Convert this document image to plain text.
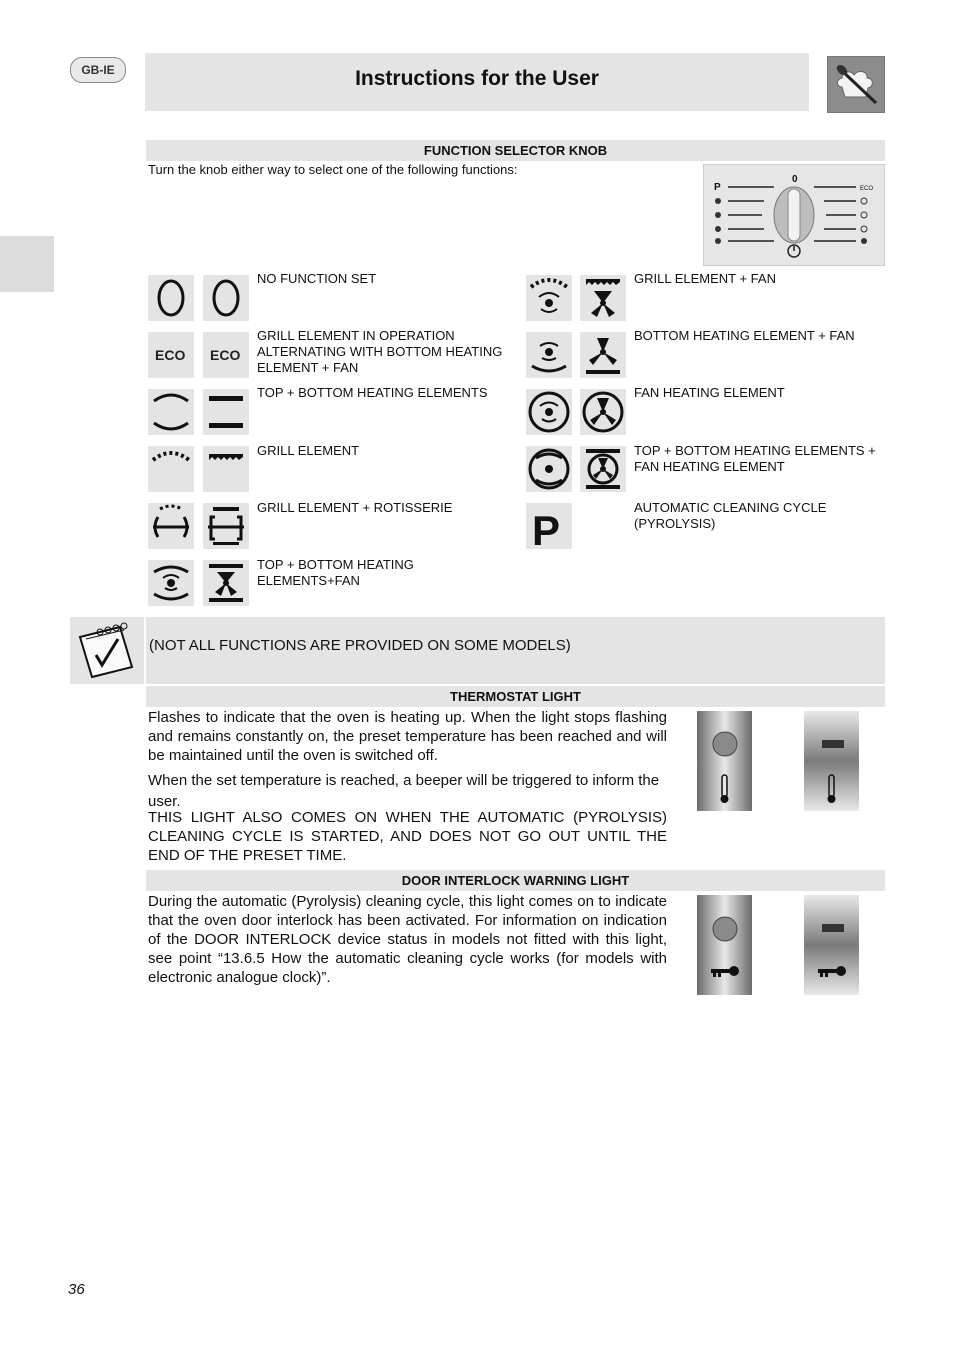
GB-IE	Instructions for the User
FUNCTION SELECTOR KNOB
Turn the knob either way to select one of the following functions:
0
P	ECO
NO FUNCTION SET
ECO ECO
GRILL ELEMENT IN OPERATION ALTERNATING WITH BOTTOM HEATING ELEMENT + FAN
TOP + BOTTOM HEATING ELEMENTS
GRILL ELEMENT
GRILL ELEMENT + ROTISSERIE
TOP + BOTTOM HEATING ELEMENTS+FAN
GRILL ELEMENT + FAN
BOTTOM HEATING ELEMENT + FAN
FAN HEATING ELEMENT
TOP + BOTTOM HEATING ELEMENTS + FAN HEATING ELEMENT
P	AUTOMATIC CLEANING CYCLE (PYROLYSIS)
(NOT ALL FUNCTIONS ARE PROVIDED ON SOME MODELS)
THERMOSTAT LIGHT
Flashes to indicate that the oven is heating up. When the light stops flashing and remains constantly on, the preset temperature has been reached and will be maintained until the oven is switched off.
When the set temperature is reached, a beeper will be triggered to inform the user.
THIS LIGHT ALSO COMES ON WHEN THE AUTOMATIC (PYROLYSIS) CLEANING CYCLE IS STARTED, AND DOES NOT GO OUT UNTIL THE END OF THE PRESET TIME.
DOOR INTERLOCK WARNING LIGHT
During the automatic (Pyrolysis) cleaning cycle, this light comes on to indicate that the oven door interlock has been activated. For information on indication of the DOOR INTERLOCK device status in models not fitted with this light, see point “13.6.5 How the automatic cleaning cycle works (for models with electronic analogue clock)”.
36
